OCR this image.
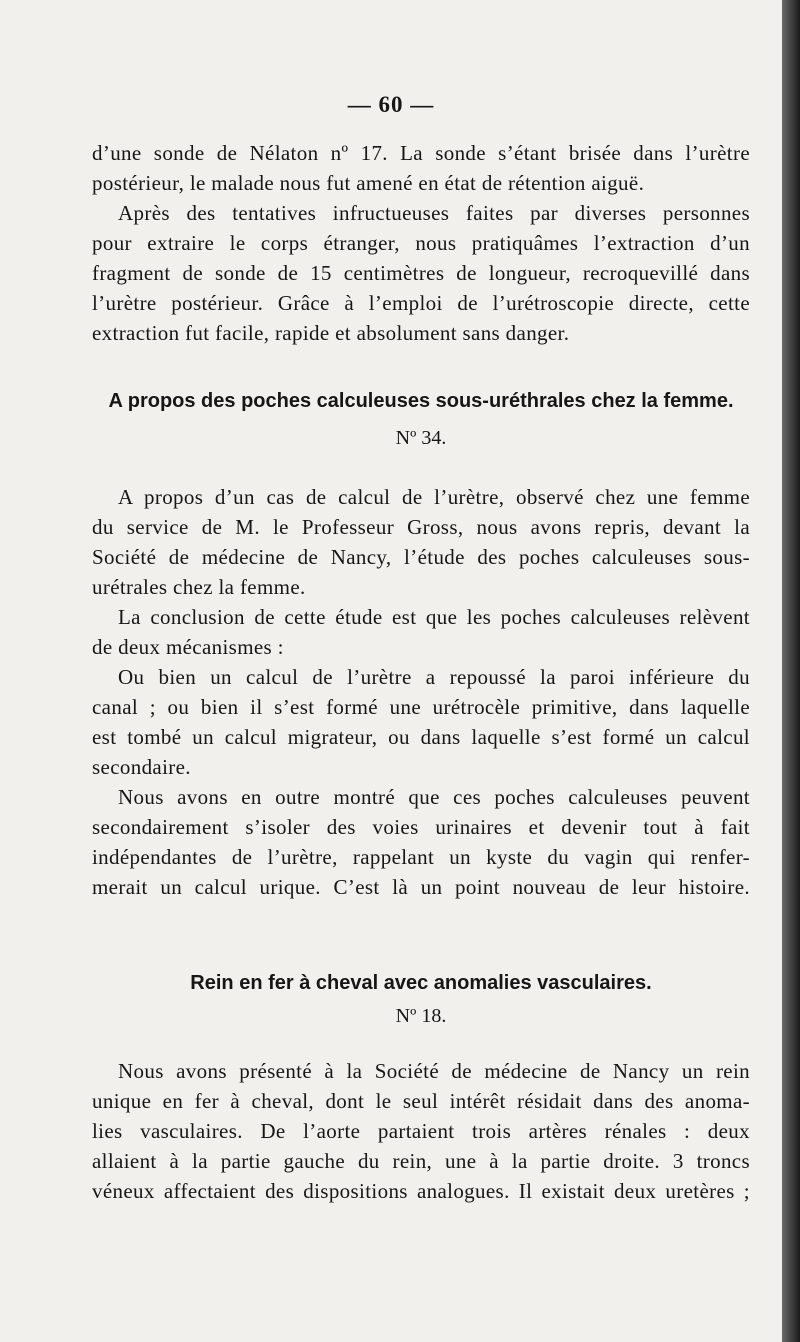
— 60 —
d’une sonde de Nélaton nº 17. La sonde s’étant brisée dans l’urètre
postérieur, le malade nous fut amené en état de rétention aiguë.
Après des tentatives infructueuses faites par diverses personnes
pour extraire le corps étranger, nous pratiquâmes l’extraction d’un
fragment de sonde de 15 centimètres de longueur, recroquevillé dans
l’urètre postérieur. Grâce à l’emploi de l’urétroscopie directe, cette
extraction fut facile, rapide et absolument sans danger.
A propos des poches calculeuses sous-uréthrales chez la femme.
Nº 34.
A propos d’un cas de calcul de l’urètre, observé chez une femme
du service de M. le Professeur Gross, nous avons repris, devant la
Société de médecine de Nancy, l’étude des poches calculeuses sous-
urétrales chez la femme.
La conclusion de cette étude est que les poches calculeuses relèvent
de deux mécanismes :
Ou bien un calcul de l’urètre a repoussé la paroi inférieure du
canal ; ou bien il s’est formé une urétrocèle primitive, dans laquelle
est tombé un calcul migrateur, ou dans laquelle s’est formé un calcul
secondaire.
Nous avons en outre montré que ces poches calculeuses peuvent
secondairement s’isoler des voies urinaires et devenir tout à fait
indépendantes de l’urètre, rappelant un kyste du vagin qui renfer-
merait un calcul urique. C’est là un point nouveau de leur histoire.
Rein en fer à cheval avec anomalies vasculaires.
Nº 18.
Nous avons présenté à la Société de médecine de Nancy un rein
unique en fer à cheval, dont le seul intérêt résidait dans des anoma-
lies vasculaires. De l’aorte partaient trois artères rénales : deux
allaient à la partie gauche du rein, une à la partie droite. 3 troncs
véneux affectaient des dispositions analogues. Il existait deux uretères ;
